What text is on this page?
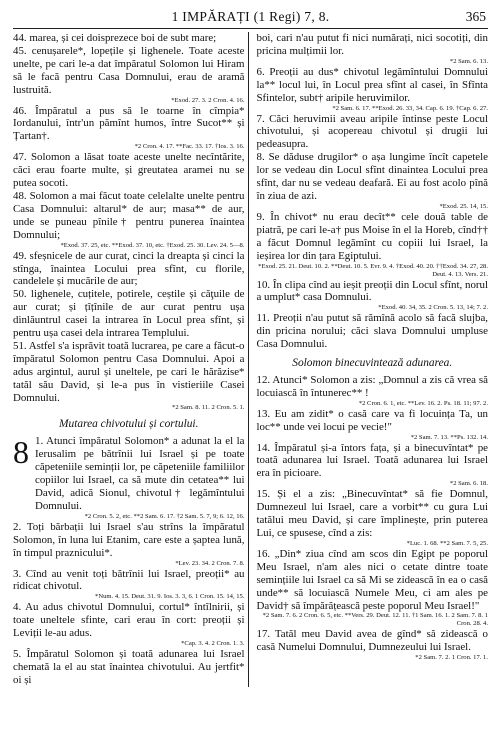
1 IMPĂRAȚI (1 Regi) 7, 8.	365

44. marea, și cei doisprezece boi de subt mare;

45. cenușarele*, lopețile și lighenele. Toate aceste unelte, pe cari le-a dat împăratul Solomon lui Hiram să le facă pentru Casa Domnului, erau de aramă lustruită.

*Exod. 27. 3. 2 Cron. 4. 16.

46. Împăratul a pus să le toarne în cîmpia* Iordanului, într'un pămînt humos, între Sucot** și Țartan†.

*2 Cron. 4. 17. **Fac. 33. 17. †Ios. 3. 16.

47. Solomon a lăsat toate aceste unelte necîntărite, căci erau foarte multe, și greutatea aramei nu se putea socoti.

48. Solomon a mai făcut toate celelalte unelte pentru Casa Domnului: altarul* de aur; masa** de aur, unde se puneau pînile† pentru punerea înaintea Domnului;

*Exod. 37. 25, etc. **Exod. 37. 10, etc. †Exod. 25. 30. Lev. 24. 5—8.

49. sfeșnicele de aur curat, cinci la dreapta și cinci la stînga, înaintea Locului prea sfînt, cu florile, candelele și mucările de aur;

50. lighenele, cuțitele, potirele, ceștile și căţuile de aur curat; și țîțînile de aur curat pentru ușa dinlăuntrul casei la intrarea în Locul prea sfînt, și pentru ușa casei dela intrarea Templului.

51. Astfel s'a isprăvit toată lucrarea, pe care a făcut-o împăratul Solomon pentru Casa Domnului. Apoi a adus argintul, aurul și uneltele, pe cari le hărăzise* tatăl său David, și le-a pus în vistieriile Casei Domnului.

*2 Sam. 8. 11. 2 Cron. 5. 1.
Mutarea chivotului și cortului.
8 1. Atunci împăratul Solomon* a adunat la el la Ierusalim pe bătrînii lui Israel și pe toate căpeteniile seminții lor, pe căpeteniile familiilor copiilor lui Israel, ca să mute din cetatea** lui David, adică Sionul, chivotul† legămîntului Domnului.

*2 Cron. 5. 2, etc. **2 Sam. 6. 17. †2 Sam. 5. 7, 9; 6. 12, 16.

2. Toți bărbații lui Israel s'au strîns la împăratul Solomon, în luna lui Etanim, care este a șaptea lună, în timpul praznicului*.

*Lev. 23. 34. 2 Cron. 7. 8.

3. Cînd au venit toți bătrînii lui Israel, preoții* au ridicat chivotul.

*Num. 4. 15. Deut. 31. 9. Ios. 3. 3, 6. 1 Cron. 15. 14, 15.

4. Au adus chivotul Domnului, cortul* întîlnirii, și toate uneltele sfinte, cari erau în cort: preoții și Leviții le-au adus.

*Cap. 3. 4. 2 Cron. 1. 3.

5. Împăratul Solomon și toată adunarea lui Israel chemată la el au stat înaintea chivotului. Au jertfit* oi și

boi, cari n'au putut fi nici numărați, nici socotiți, din pricina mulțimii lor.

*2 Sam. 6. 13.

6. Preoții au dus* chivotul legămîntului Domnului la** locul lui, în Locul prea sfînt al casei, în Sfînta Sfintelor, subt† aripile heruvimilor.

*2 Sam. 6. 17. **Exod. 26. 33, 34. Cap. 6. 19. †Cap. 6. 27.

7. Căci heruvimii aveau aripile întinse peste Locul chivotului, și acopereau chivotul și drugii lui pedeasupra.

8. Se dăduse drugilor* o așa lungime încît capetele lor se vedeau din Locul sfînt dinaintea Locului prea sfînt, dar nu se vedeau deafară. Ei au fost acolo pînă în ziua de azi.

*Exod. 25. 14, 15.

9. În chivot* nu erau decît** cele două table de piatră, pe cari le-a† pus Moise în el la Horeb, cînd†† a făcut Domnul legămînt cu copiii lui Israel, la ieșirea lor din țara Egiptului.

*Exod. 25. 21. Deut. 10. 2. **Deut. 10. 5. Evr. 9. 4. †Exod. 40. 20. ††Exod. 34. 27, 28. Deut. 4. 13. Vers. 21.

10. În clipa cînd au ieșit preoții din Locul sfînt, norul a umplut* casa Domnului.

*Exod. 40. 34, 35. 2 Cron. 5. 13, 14; 7. 2.

11. Preoții n'au putut să rămînă acolo să facă slujba, din pricina norului; căci slava Domnului umpluse Casa Domnului.

Solomon binecuvintează adunarea.

12. Atunci* Solomon a zis: „Domnul a zis că vrea să locuiască în întunerec** !

*2 Cron. 6. 1, etc. **Lev. 16. 2. Ps. 18. 11; 97. 2.

13. Eu am zidit* o casă care va fi locuința Ta, un loc** unde vei locui pe vecie!"

*2 Sam. 7. 13. **Ps. 132. 14.

14. Împăratul și-a întors fața, și a binecuvîntat* pe toată adunarea lui Israel. Toată adunarea lui Israel era în picioare.

*2 Sam. 6. 18.

15. Și el a zis: „Binecuvîntat* să fie Domnul, Dumnezeul lui Israel, care a vorbit** cu gura Lui tatălui meu David, și care împlinește, prin puterea Lui, ce spusese, cînd a zis:

*Luc. 1. 68. **2 Sam. 7. 5, 25.

16. „Din* ziua cînd am scos din Egipt pe poporul Meu Israel, n'am ales nici o cetate dintre toate semințiile lui Israel ca să Mi se zidească în ea o casă unde** să locuiască Numele Meu, ci am ales pe David† să împărățească peste poporul Meu Israel!"

*2 Sam. 7. 6. 2 Cron. 6. 5, etc. **Vers. 29. Deut. 12. 11. †1 Sam. 16. 1. 2 Sam. 7. 8. 1 Cron. 28. 4.

17. Tatăl meu David avea de gînd* să zidească o casă Numelui Domnului, Dumnezeului lui Israel.

*2 Sam. 7. 2. 1 Cron. 17. 1.
